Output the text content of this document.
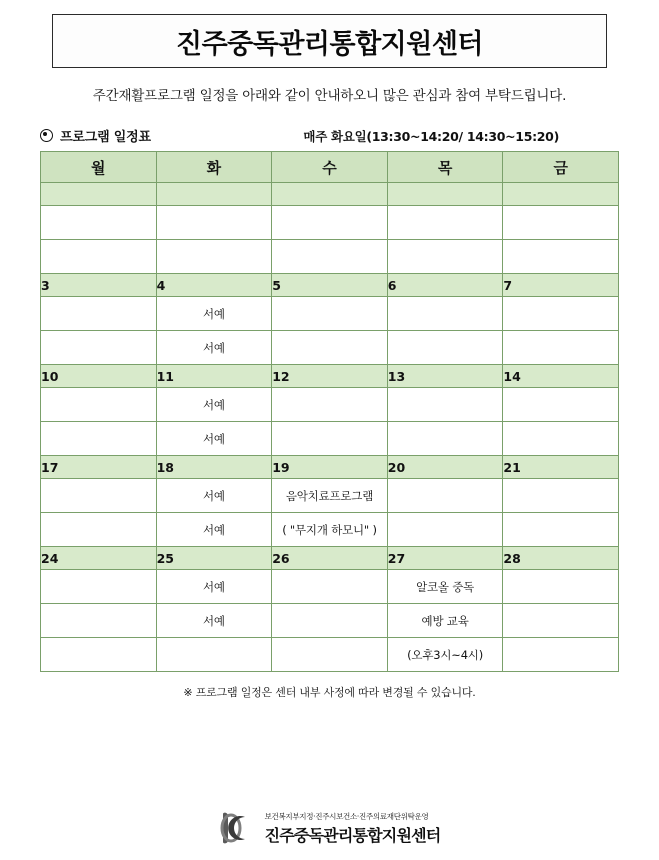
진주중독관리통합지원센터
주간재활프로그램 일정을 아래와 같이 안내하오니 많은 관심과 참여 부탁드립니다.
프로그램 일정표	매주 화요일(13:30~14:20/ 14:30~15:20)
월	화	수	목	금

3	4	5	6	7
	서예			
	서예			
10	11	12	13	14
	서예			
	서예			
17	18	19	20	21
	서예	음악치료프로그램		
	서예	( "무지개 하모니" )		
24	25	26	27	28
	서예		알코올 중독	
	서예		예방 교육	
			(오후3시~4시)	
※ 프로그램 일정은 센터 내부 사정에 따라 변경될 수 있습니다.
보건복지부지정·진주시보건소·진주의료재단위탁운영
진주중독관리통합지원센터
